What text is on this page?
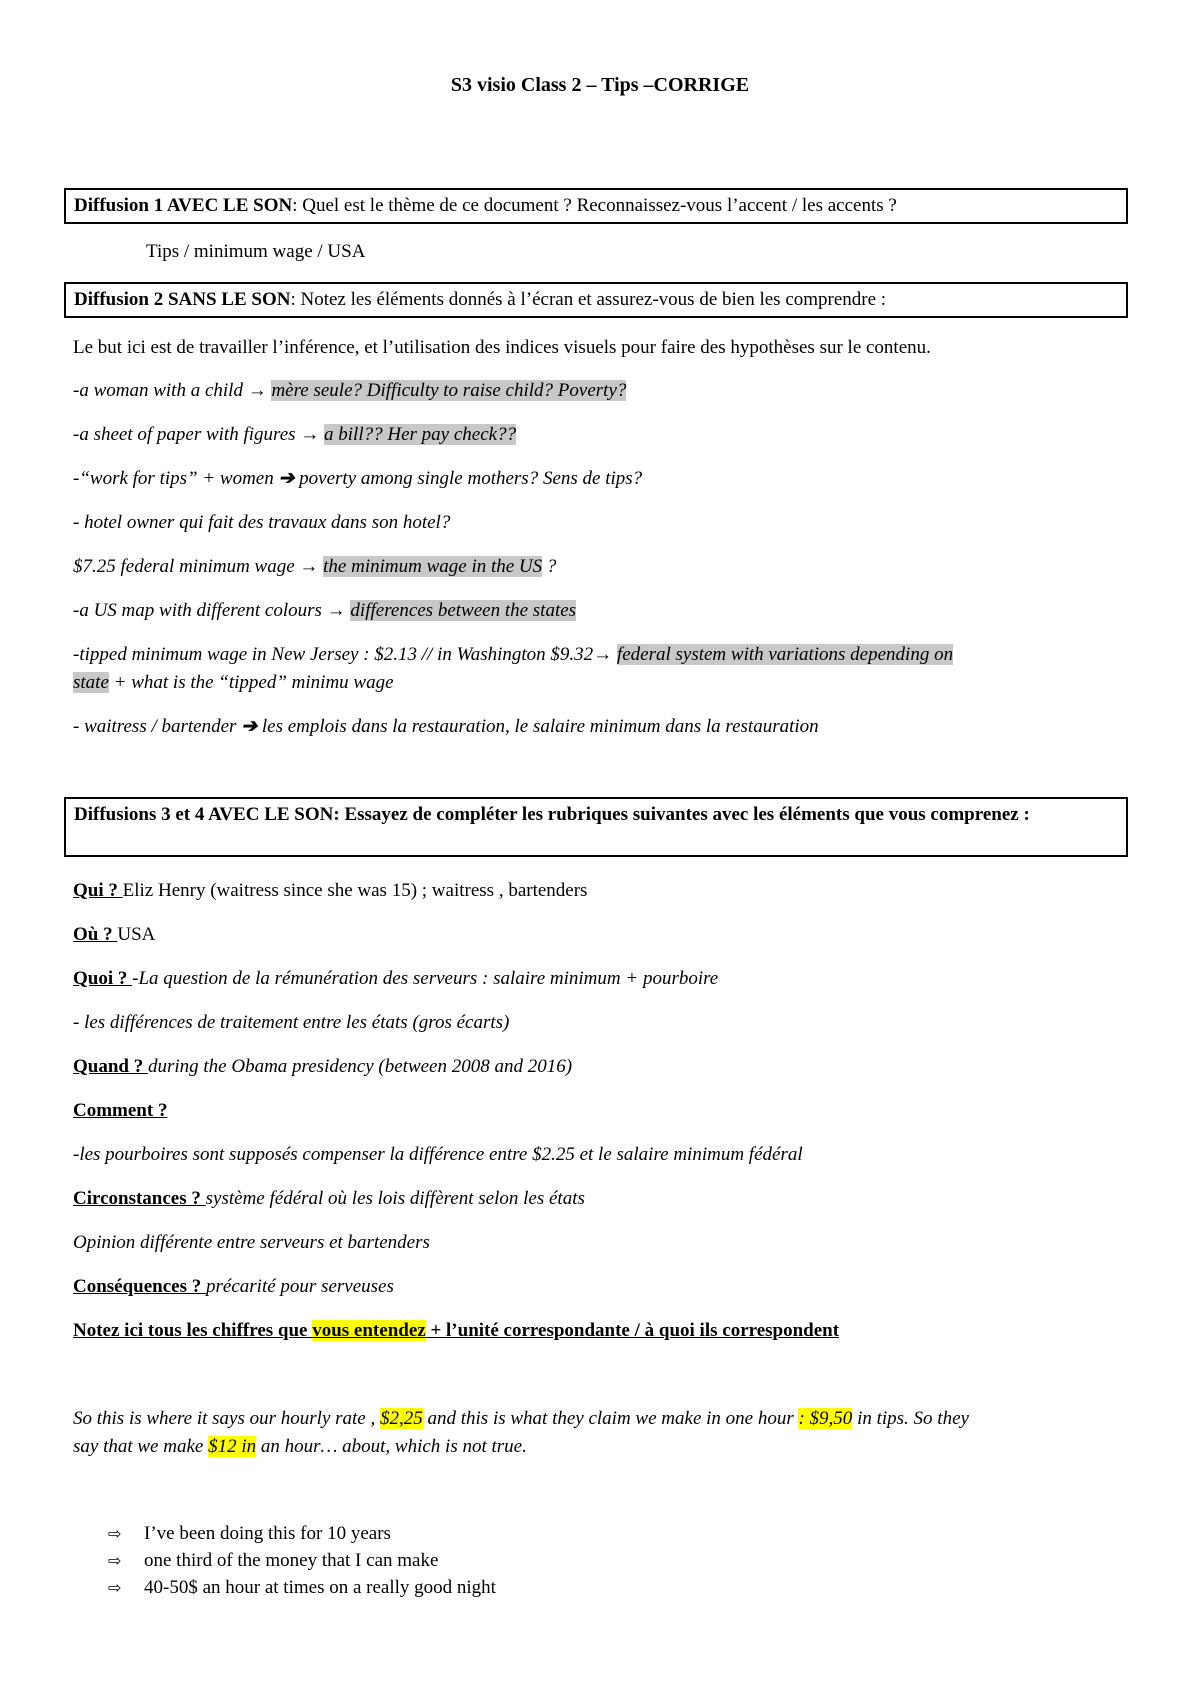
S3 visio Class 2 – Tips –CORRIGE
Diffusion 1 AVEC LE SON: Quel est le thème de ce document ? Reconnaissez-vous l’accent / les accents ?
Tips / minimum wage / USA
Diffusion 2 SANS LE SON: Notez les éléments donnés à l’écran et assurez-vous de bien les comprendre :
Le but ici est de travailler l’inférence, et l’utilisation des indices visuels pour faire des hypothèses sur le contenu.
-a woman with a child → mère seule? Difficulty to raise child? Poverty?
-a sheet of paper with figures → a bill?? Her pay check??
-“work for tips” + women ➔ poverty among single mothers? Sens de tips?
- hotel owner qui fait des travaux dans son hotel?
$7.25 federal minimum wage → the minimum wage in the US ?
-a US map with different colours → differences between the states
-tipped minimum wage in New Jersey : $2.13 // in Washington $9.32→ federal system with variations depending on
state + what is the “tipped” minimu wage
- waitress / bartender ➔ les emplois dans la restauration, le salaire minimum dans la restauration
Diffusions 3 et 4 AVEC LE SON: Essayez de compléter les rubriques suivantes avec les éléments que vous comprenez :
Qui ? Eliz Henry (waitress since she was 15) ; waitress , bartenders
Où ? USA
Quoi ? -La question de la rémunération des serveurs : salaire minimum + pourboire
- les différences de traitement entre les états (gros écarts)
Quand ? during the Obama presidency (between 2008 and 2016)
Comment ?
-les pourboires sont supposés compenser la différence entre $2.25 et le salaire minimum fédéral
Circonstances ? système fédéral où les lois diffèrent selon les états
Opinion différente entre serveurs et bartenders
Conséquences ? précarité pour serveuses
Notez ici tous les chiffres que vous entendez + l’unité correspondante / à quoi ils correspondent
So this is where it says our hourly rate , $2,25 and this is what they claim we make in one hour : $9,50 in tips. So they
say that we make $12 in an hour… about, which is not true.
⇨ I’ve been doing this for 10 years
⇨ one third of the money that I can make
⇨ 40-50$ an hour at times on a really good night
